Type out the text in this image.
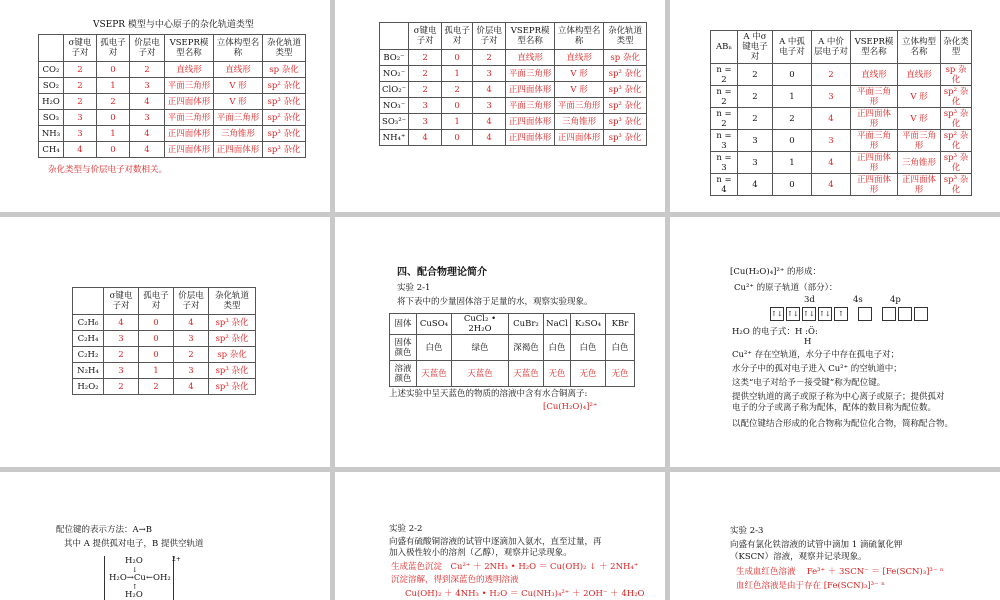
VSEPR 模型与中心原子的杂化轨道类型
	σ键电子对	孤电子对	价层电子对	VSEPR模型名称	立体构型名称	杂化轨道类型
CO₂	2	0	2	直线形	直线形	sp 杂化
SO₂	2	1	3	平面三角形	V 形	sp² 杂化
H₂O	2	2	4	正四面体形	V 形	sp³ 杂化
SO₃	3	0	3	平面三角形	平面三角形	sp² 杂化
NH₃	3	1	4	正四面体形	三角锥形	sp³ 杂化
CH₄	4	0	4	正四面体形	正四面体形	sp³ 杂化
杂化类型与价层电子对数相关。
	σ键电子对	孤电子对	价层电子对	VSEPR模型名称	立体构型名称	杂化轨道类型
BO₂⁻	2	0	2	直线形	直线形	sp 杂化
NO₂⁻	2	1	3	平面三角形	V 形	sp² 杂化
ClO₂⁻	2	2	4	正四面体形	V 形	sp³ 杂化
NO₃⁻	3	0	3	平面三角形	平面三角形	sp² 杂化
SO₃²⁻	3	1	4	正四面体形	三角锥形	sp³ 杂化
NH₄⁺	4	0	4	正四面体形	正四面体形	sp³ 杂化
ABₙ	A 中σ键电子对	A 中孤电子对	A 中价层电子对	VSEPR模型名称	立体构型名称	杂化类型
n = 2	2	0	2	直线形	直线形	sp 杂化
n = 2	2	1	3	平面三角形	V 形	sp² 杂化
n = 2	2	2	4	正四面体形	V 形	sp³ 杂化
n = 3	3	0	3	平面三角形	平面三角形	sp² 杂化
n = 3	3	1	4	正四面体形	三角锥形	sp³ 杂化
n = 4	4	0	4	正四面体形	正四面体形	sp³ 杂化
	σ键电子对	孤电子对	价层电子对	杂化轨道类型
C₂H₆	4	0	4	sp³ 杂化
C₂H₄	3	0	3	sp² 杂化
C₂H₂	2	0	2	sp 杂化
N₂H₄	3	1	3	sp³ 杂化
H₂O₂	2	2	4	sp³ 杂化
四、配合物理论简介
实验 2-1
将下表中的少量固体溶于足量的水，观察实验现象。
固体	CuSO₄	CuCl₂ • 2H₂O	CuBr₂	NaCl	K₂SO₄	KBr
固体颜色	白色	绿色	深褐色	白色	白色	白色
溶液颜色	天蓝色	天蓝色	天蓝色	无色	无色	无色
上述实验中呈天蓝色的物质的溶液中含有水合铜离子:
[Cu(H₂O)₄]²⁺
[Cu(H₂O)₄]²⁺ 的形成：
Cu²⁺ 的原子轨道（部分）：
3d	4s	4p
↑↓ ↑↓ ↑↓ ↑↓	↑
H₂O 的电子式：H :Ö:
H
Cu²⁺ 存在空轨道，水分子中存在孤电子对；
水分子中的孤对电子进入 Cu²⁺ 的空轨道中；
这类“电子对给予－接受键”称为配位键。
提供空轨道的离子或原子称为中心离子或原子；提供孤对
电子的分子或离子称为配体，配体的数目称为配位数。
以配位键结合形成的化合物称为配位化合物，简称配合物。
配位键的表示方法：A→B
其中 A 提供孤对电子，B 提供空轨道
H₂O
↓
H₂O→Cu←OH₂
↑
H₂O
2+
实验 2-2
向盛有硫酸铜溶液的试管中逐滴加入氨水，直至过量，再
加入极性较小的溶剂（乙醇），观察并记录现象。
生成蓝色沉淀　Cu²⁺ ＋ 2NH₃ • H₂O ＝ Cu(OH)₂ ↓ ＋ 2NH₄⁺
沉淀溶解，得到深蓝色的透明溶液
Cu(OH)₂ ＋ 4NH₃ • H₂O ＝ Cu(NH₃)₄²⁺ ＋ 2OH⁻ ＋ 4H₂O
实验 2-3
向盛有氯化铁溶液的试管中滴加 1 滴硫氰化钾
（KSCN）溶液，观察并记录现象。
生成血红色溶液　 Fe³⁺ ＋ 3SCN⁻ ＝ [Fe(SCN)₃]³⁻ ⁿ
血红色溶液是由于存在 [Fe(SCN)₃]³⁻ ⁿ
